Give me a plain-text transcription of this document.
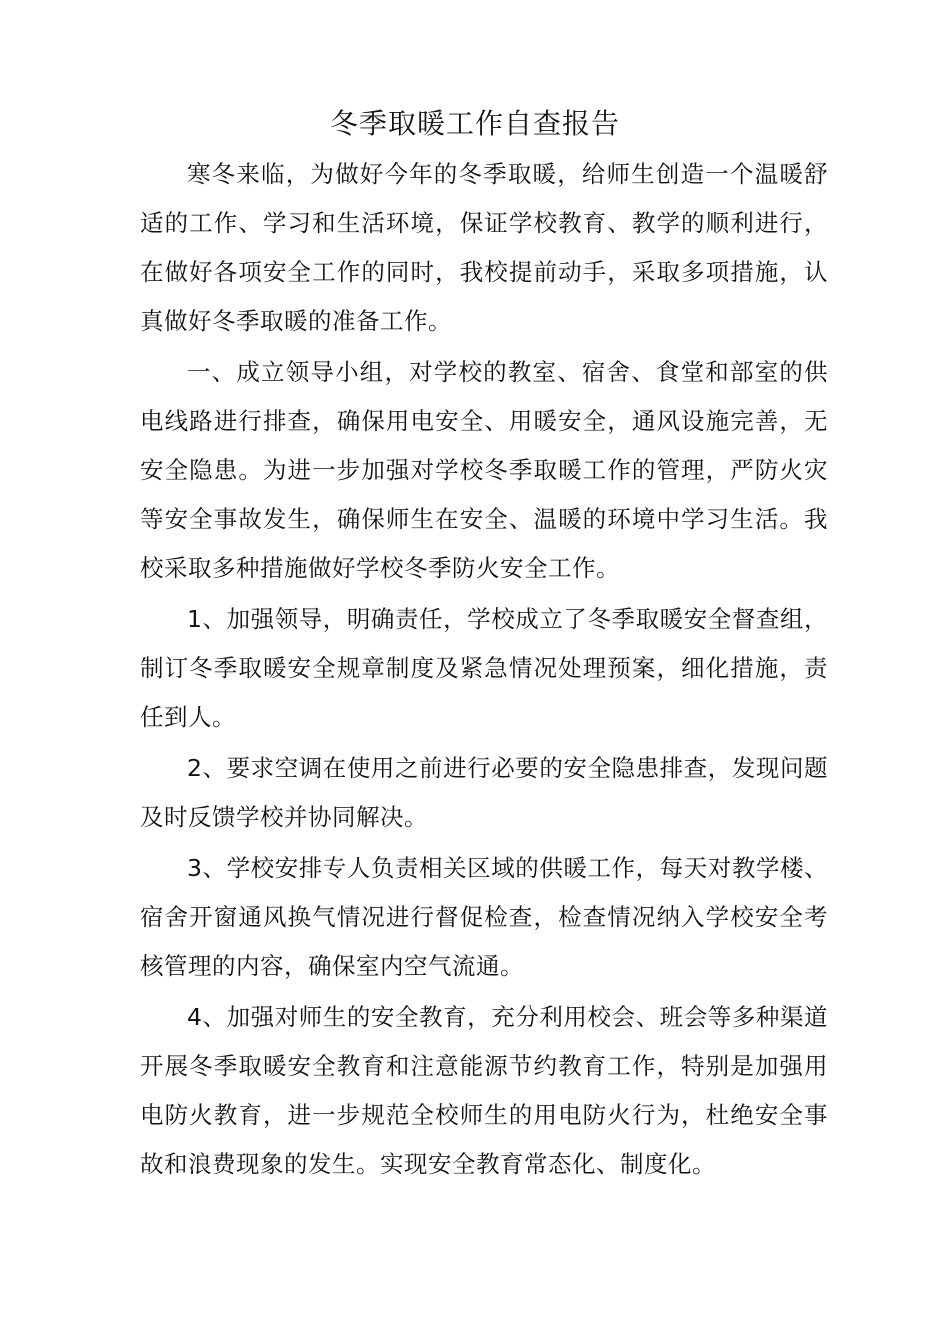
冬季取暖工作自查报告

寒冬来临，为做好今年的冬季取暖，给师生创造一个温暖舒适的工作、学习和生活环境，保证学校教育、教学的顺利进行，在做好各项安全工作的同时，我校提前动手，采取多项措施，认真做好冬季取暖的准备工作。

一、成立领导小组，对学校的教室、宿舍、食堂和部室的供电线路进行排查，确保用电安全、用暖安全，通风设施完善，无安全隐患。为进一步加强对学校冬季取暖工作的管理，严防火灾等安全事故发生，确保师生在安全、温暖的环境中学习生活。我校采取多种措施做好学校冬季防火安全工作。

1、加强领导，明确责任，学校成立了冬季取暖安全督查组，制订冬季取暖安全规章制度及紧急情况处理预案，细化措施，责任到人。

2、要求空调在使用之前进行必要的安全隐患排查，发现问题及时反馈学校并协同解决。

3、学校安排专人负责相关区域的供暖工作，每天对教学楼、宿舍开窗通风换气情况进行督促检查，检查情况纳入学校安全考核管理的内容，确保室内空气流通。

4、加强对师生的安全教育，充分利用校会、班会等多种渠道开展冬季取暖安全教育和注意能源节约教育工作，特别是加强用电防火教育，进一步规范全校师生的用电防火行为，杜绝安全事故和浪费现象的发生。实现安全教育常态化、制度化。
